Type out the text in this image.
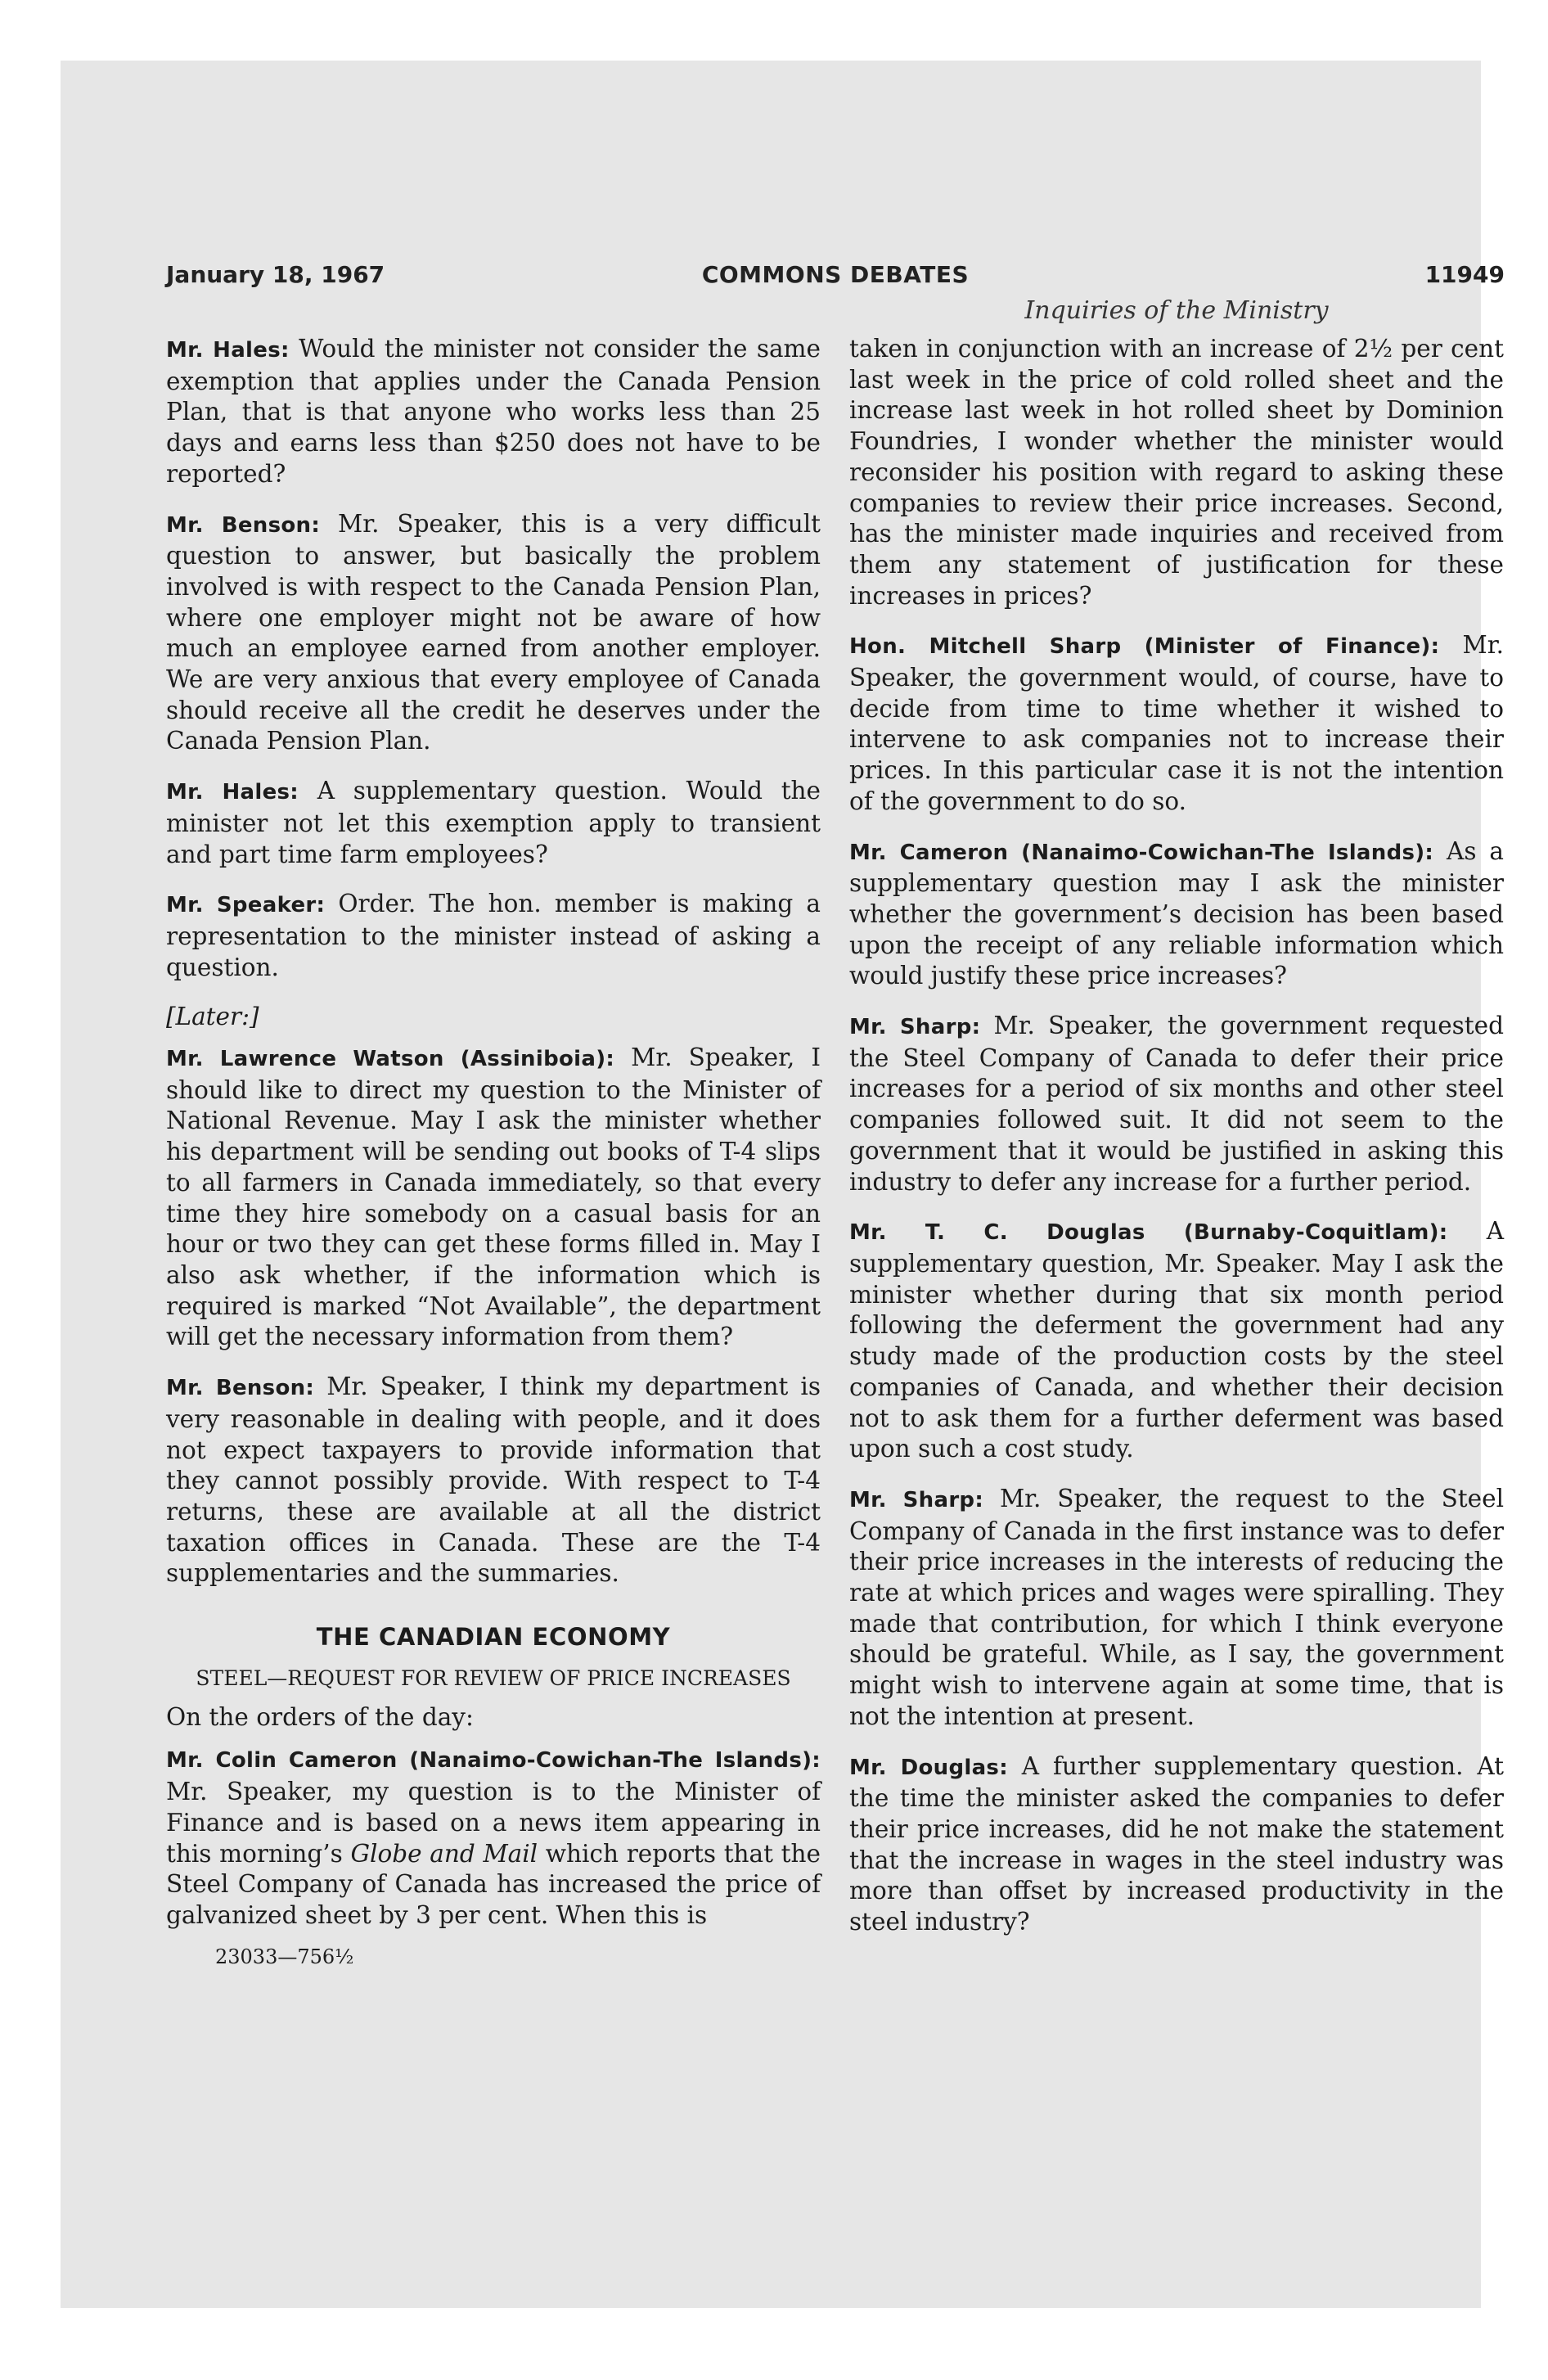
January 18, 1967	COMMONS DEBATES	11949
Inquiries of the Ministry

Mr. Hales: Would the minister not consider the same exemption that applies under the Canada Pension Plan, that is that anyone who works less than 25 days and earns less than $250 does not have to be reported?

Mr. Benson: Mr. Speaker, this is a very difficult question to answer, but basically the problem involved is with respect to the Canada Pension Plan, where one employer might not be aware of how much an employee earned from another employer. We are very anxious that every employee of Canada should receive all the credit he deserves under the Canada Pension Plan.

Mr. Hales: A supplementary question. Would the minister not let this exemption apply to transient and part time farm employees?

Mr. Speaker: Order. The hon. member is making a representation to the minister instead of asking a question.

[Later:]

Mr. Lawrence Watson (Assiniboia): Mr. Speaker, I should like to direct my question to the Minister of National Revenue. May I ask the minister whether his department will be sending out books of T-4 slips to all farmers in Canada immediately, so that every time they hire somebody on a casual basis for an hour or two they can get these forms filled in. May I also ask whether, if the information which is required is marked “Not Available”, the department will get the necessary information from them?

Mr. Benson: Mr. Speaker, I think my department is very reasonable in dealing with people, and it does not expect taxpayers to provide information that they cannot possibly provide. With respect to T-4 returns, these are available at all the district taxation offices in Canada. These are the T-4 supplementaries and the summaries.

THE CANADIAN ECONOMY
STEEL—REQUEST FOR REVIEW OF PRICE INCREASES

On the orders of the day:

Mr. Colin Cameron (Nanaimo-Cowichan-The Islands): Mr. Speaker, my question is to the Minister of Finance and is based on a news item appearing in this morning’s Globe and Mail which reports that the Steel Company of Canada has increased the price of galvanized sheet by 3 per cent. When this is

23033—756½

taken in conjunction with an increase of 2½ per cent last week in the price of cold rolled sheet and the increase last week in hot rolled sheet by Dominion Foundries, I wonder whether the minister would reconsider his position with regard to asking these companies to review their price increases. Second, has the minister made inquiries and received from them any statement of justification for these increases in prices?

Hon. Mitchell Sharp (Minister of Finance): Mr. Speaker, the government would, of course, have to decide from time to time whether it wished to intervene to ask companies not to increase their prices. In this particular case it is not the intention of the government to do so.

Mr. Cameron (Nanaimo-Cowichan-The Islands): As a supplementary question may I ask the minister whether the government’s decision has been based upon the receipt of any reliable information which would justify these price increases?

Mr. Sharp: Mr. Speaker, the government requested the Steel Company of Canada to defer their price increases for a period of six months and other steel companies followed suit. It did not seem to the government that it would be justified in asking this industry to defer any increase for a further period.

Mr. T. C. Douglas (Burnaby-Coquitlam): A supplementary question, Mr. Speaker. May I ask the minister whether during that six month period following the deferment the government had any study made of the production costs by the steel companies of Canada, and whether their decision not to ask them for a further deferment was based upon such a cost study.

Mr. Sharp: Mr. Speaker, the request to the Steel Company of Canada in the first instance was to defer their price increases in the interests of reducing the rate at which prices and wages were spiralling. They made that contribution, for which I think everyone should be grateful. While, as I say, the government might wish to intervene again at some time, that is not the intention at present.

Mr. Douglas: A further supplementary question. At the time the minister asked the companies to defer their price increases, did he not make the statement that the increase in wages in the steel industry was more than offset by increased productivity in the steel industry?
